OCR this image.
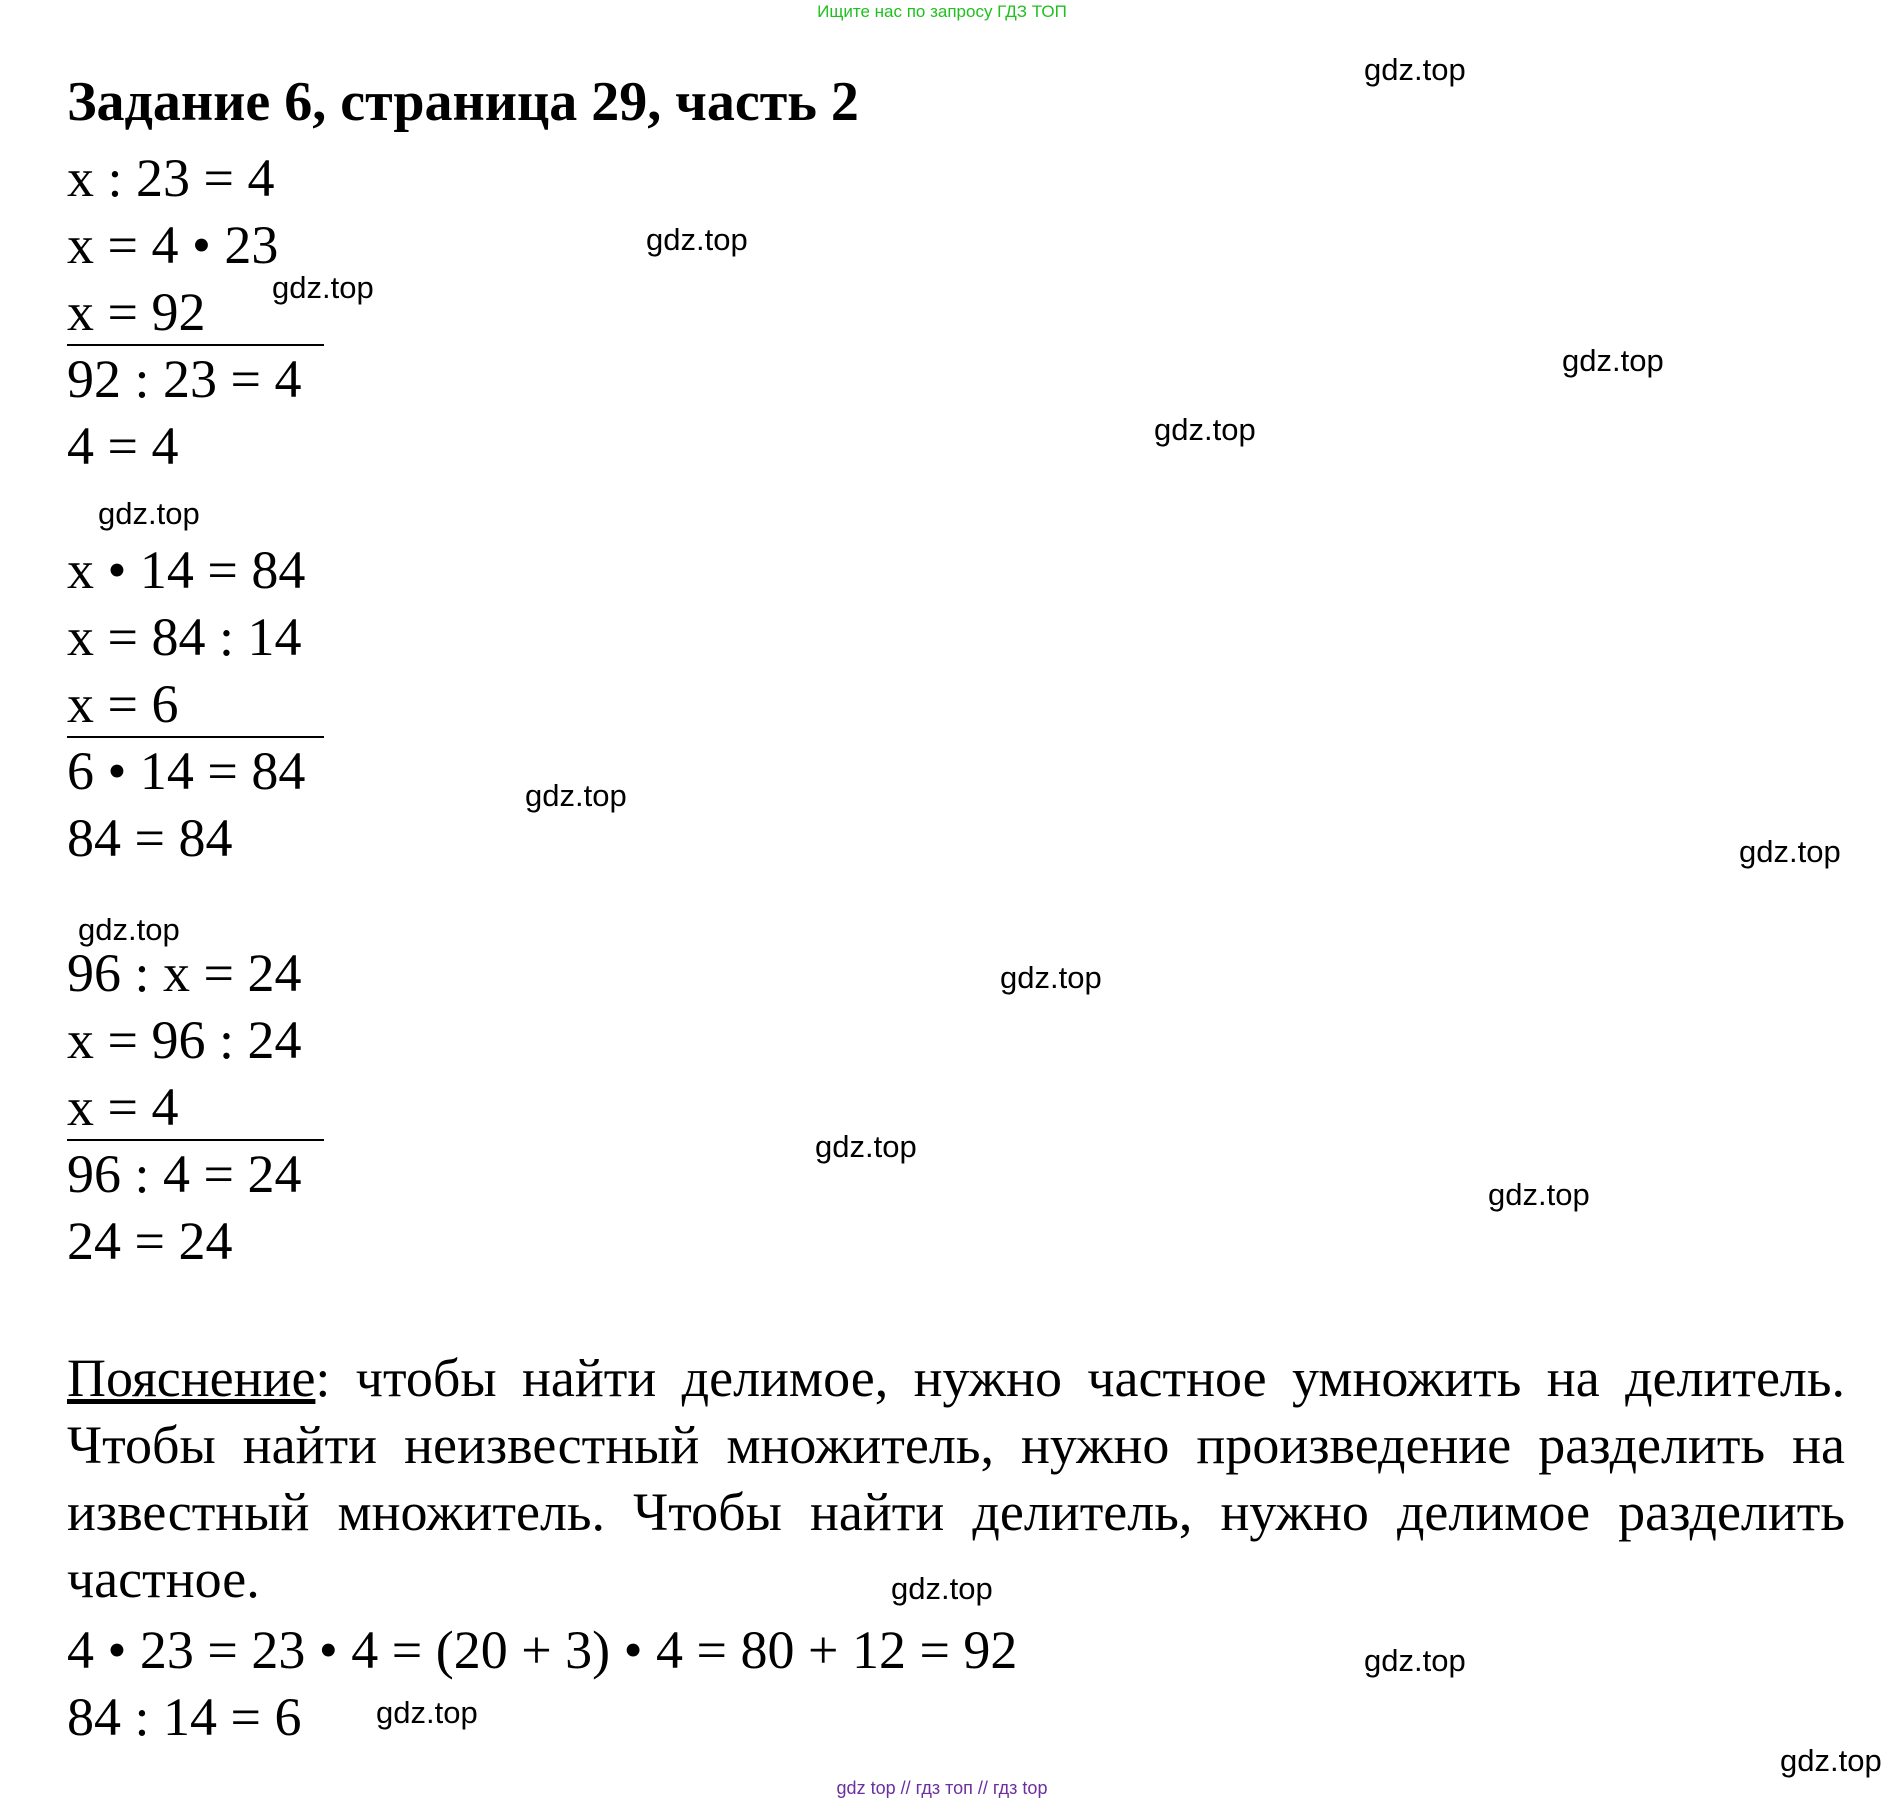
Ищите нас по запросу ГДЗ ТОП
Задание 6, страница 29, часть 2
x : 23 = 4
x = 4 • 23
x = 92
92 : 23 = 4
4 = 4
x • 14 = 84
x = 84 : 14
x = 6
6 • 14 = 84
84 = 84
96 : x = 24
x = 96 : 24
x = 4
96 : 4 = 24
24 = 24

Пояснение: чтобы найти делимое, нужно частное умножить на делитель. Чтобы найти неизвестный множитель, нужно произведение разделить на известный множитель. Чтобы найти делитель, нужно делимое разделить частное.

4 • 23 = 23 • 4 = (20 + 3) • 4 = 80 + 12 = 92
84 : 14 = 6
gdz.top
gdz.top
gdz.top
gdz.top
gdz.top
gdz.top
gdz.top
gdz.top
gdz.top
gdz.top
gdz.top
gdz.top
gdz.top
gdz.top
gdz.top
gdz.top
gdz top // гдз топ // гдз top
